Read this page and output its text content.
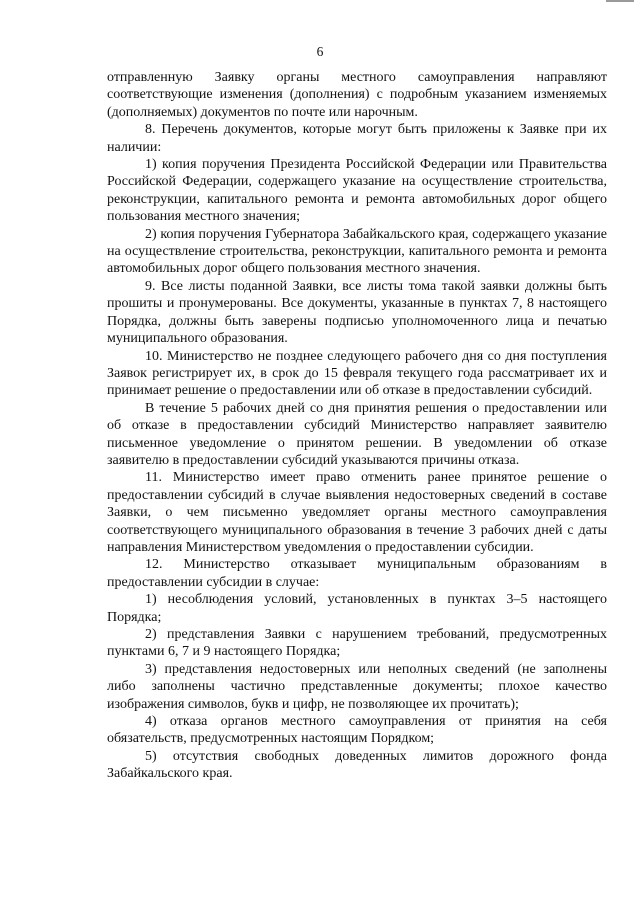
6

отправленную Заявку органы местного самоуправления направляют соответствующие изменения (дополнения) с подробным указанием изменяемых (дополняемых) документов по почте или нарочным.

8. Перечень документов, которые могут быть приложены к Заявке при их наличии:

1) копия поручения Президента Российской Федерации или Правительства Российской Федерации, содержащего указание на осуществление строительства, реконструкции, капитального ремонта и ремонта автомобильных дорог общего пользования местного значения;

2) копия поручения Губернатора Забайкальского края, содержащего указание на осуществление строительства, реконструкции, капитального ремонта и ремонта автомобильных дорог общего пользования местного значения.

9. Все листы поданной Заявки, все листы тома такой заявки должны быть прошиты и пронумерованы. Все документы, указанные в пунктах 7, 8 настоящего Порядка, должны быть заверены подписью уполномоченного лица и печатью муниципального образования.

10. Министерство не позднее следующего рабочего дня со дня поступления Заявок регистрирует их, в срок до 15 февраля текущего года рассматривает их и принимает решение о предоставлении или об отказе в предоставлении субсидий.

В течение 5 рабочих дней со дня принятия решения о предоставлении или об отказе в предоставлении субсидий Министерство направляет заявителю письменное уведомление о принятом решении. В уведомлении об отказе заявителю в предоставлении субсидий указываются причины отказа.

11. Министерство имеет право отменить ранее принятое решение о предоставлении субсидий в случае выявления недостоверных сведений в составе Заявки, о чем письменно уведомляет органы местного самоуправления соответствующего муниципального образования в течение 3 рабочих дней с даты направления Министерством уведомления о предоставлении субсидии.

12. Министерство отказывает муниципальным образованиям в предоставлении субсидии в случае:

1) несоблюдения условий, установленных в пунктах 3–5 настоящего Порядка;

2) представления Заявки с нарушением требований, предусмотренных пунктами 6, 7 и 9 настоящего Порядка;

3) представления недостоверных или неполных сведений (не заполнены либо заполнены частично представленные документы; плохое качество изображения символов, букв и цифр, не позволяющее их прочитать);

4) отказа органов местного самоуправления от принятия на себя обязательств, предусмотренных настоящим Порядком;

5) отсутствия свободных доведенных лимитов дорожного фонда Забайкальского края.
